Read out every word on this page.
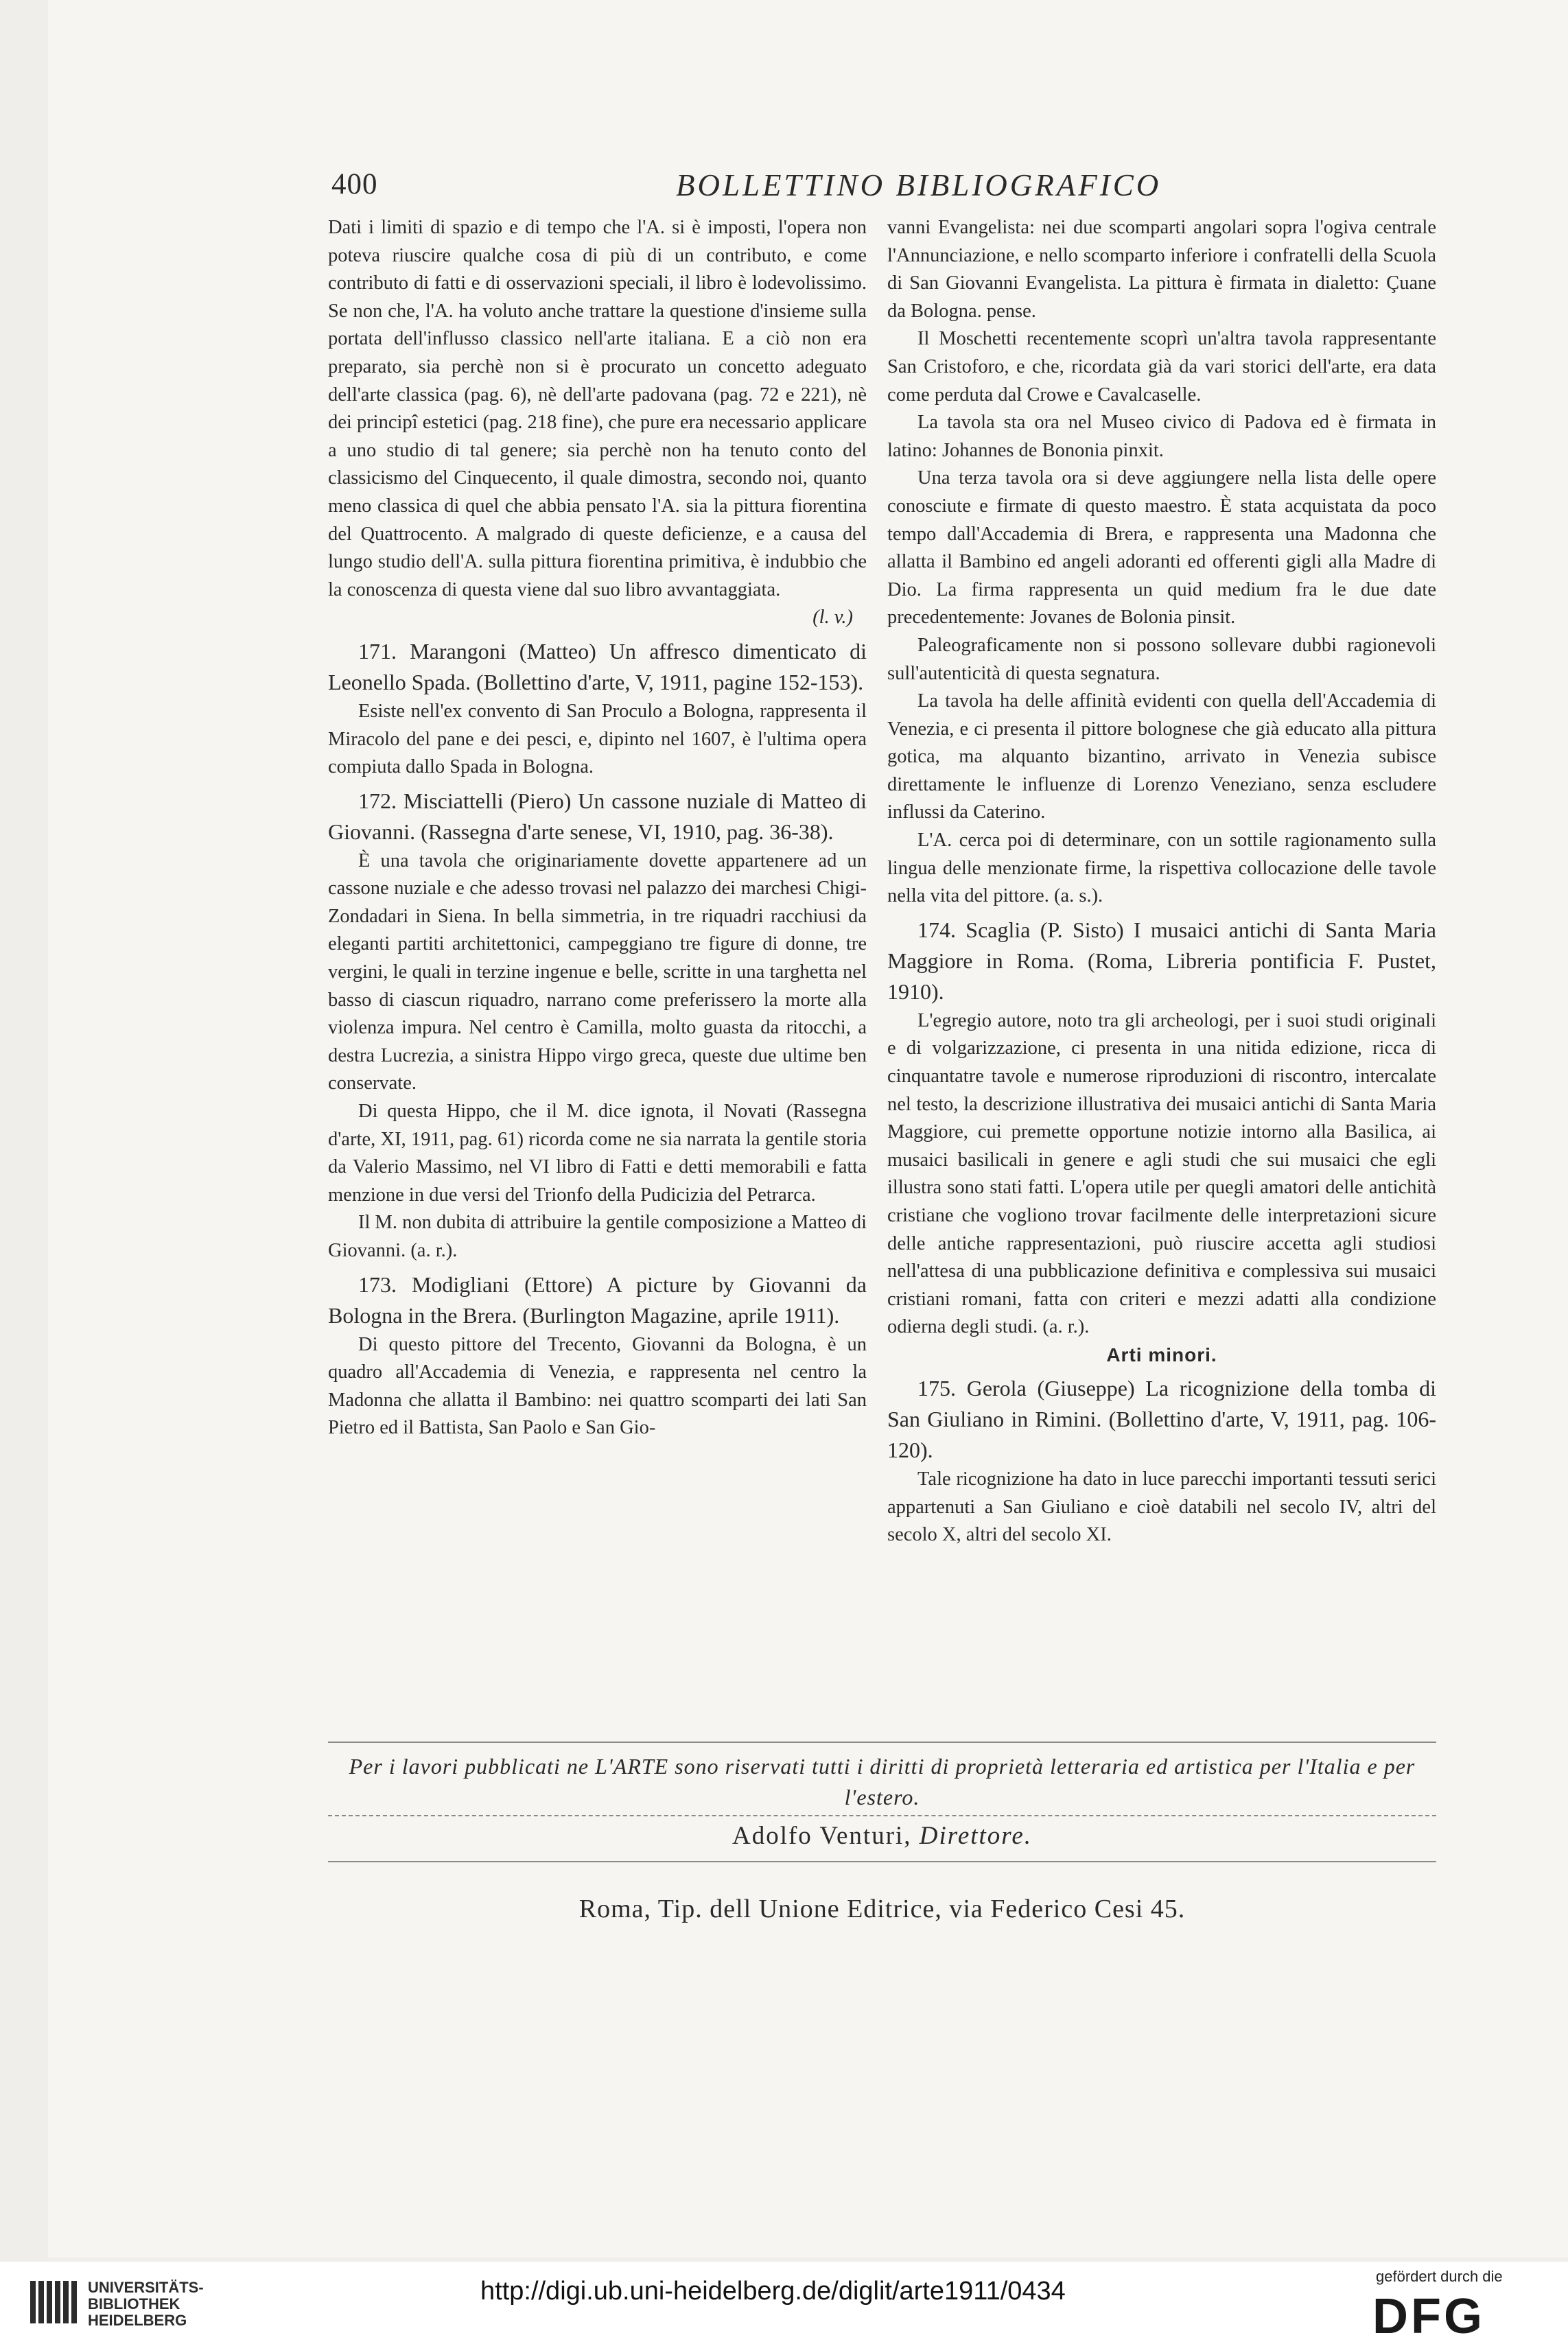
400	BOLLETTINO BIBLIOGRAFICO

Dati i limiti di spazio e di tempo che l'A. si è imposti, l'opera non poteva riuscire qualche cosa di più di un contributo, e come contributo di fatti e di osservazioni speciali, il libro è lodevolissimo. Se non che, l'A. ha voluto anche trattare la questione d'insieme sulla portata dell'influsso classico nell'arte italiana. E a ciò non era preparato, sia perchè non si è procurato un concetto adeguato dell'arte classica (pag. 6), nè dell'arte padovana (pag. 72 e 221), nè dei principî estetici (pag. 218 fine), che pure era necessario applicare a uno studio di tal genere; sia perchè non ha tenuto conto del classicismo del Cinquecento, il quale dimostra, secondo noi, quanto meno classica di quel che abbia pensato l'A. sia la pittura fiorentina del Quattrocento. A malgrado di queste deficienze, e a causa del lungo studio dell'A. sulla pittura fiorentina primitiva, è indubbio che la conoscenza di questa viene dal suo libro avvantaggiata.

(l. v.)

171. Marangoni (Matteo) Un affresco dimenticato di Leonello Spada. (Bollettino d'arte, V, 1911, pagine 152-153).

Esiste nell'ex convento di San Proculo a Bologna, rappresenta il Miracolo del pane e dei pesci, e, dipinto nel 1607, è l'ultima opera compiuta dallo Spada in Bologna.

172. Misciattelli (Piero) Un cassone nuziale di Matteo di Giovanni. (Rassegna d'arte senese, VI, 1910, pag. 36-38).

È una tavola che originariamente dovette appartenere ad un cassone nuziale e che adesso trovasi nel palazzo dei marchesi Chigi-Zondadari in Siena. In bella simmetria, in tre riquadri racchiusi da eleganti partiti architettonici, campeggiano tre figure di donne, tre vergini, le quali in terzine ingenue e belle, scritte in una targhetta nel basso di ciascun riquadro, narrano come preferissero la morte alla violenza impura. Nel centro è Camilla, molto guasta da ritocchi, a destra Lucrezia, a sinistra Hippo virgo greca, queste due ultime ben conservate.

Di questa Hippo, che il M. dice ignota, il Novati (Rassegna d'arte, XI, 1911, pag. 61) ricorda come ne sia narrata la gentile storia da Valerio Massimo, nel VI libro di Fatti e detti memorabili e fatta menzione in due versi del Trionfo della Pudicizia del Petrarca.

Il M. non dubita di attribuire la gentile composizione a Matteo di Giovanni. (a. r.).

173. Modigliani (Ettore) A picture by Giovanni da Bologna in the Brera. (Burlington Magazine, aprile 1911).

Di questo pittore del Trecento, Giovanni da Bologna, è un quadro all'Accademia di Venezia, e rappresenta nel centro la Madonna che allatta il Bambino: nei quattro scomparti dei lati San Pietro ed il Battista, San Paolo e San Gio-

vanni Evangelista: nei due scomparti angolari sopra l'ogiva centrale l'Annunciazione, e nello scomparto inferiore i confratelli della Scuola di San Giovanni Evangelista. La pittura è firmata in dialetto: Çuane da Bologna. pense.

Il Moschetti recentemente scoprì un'altra tavola rappresentante San Cristoforo, e che, ricordata già da vari storici dell'arte, era data come perduta dal Crowe e Cavalcaselle.

La tavola sta ora nel Museo civico di Padova ed è firmata in latino: Johannes de Bononia pinxit.

Una terza tavola ora si deve aggiungere nella lista delle opere conosciute e firmate di questo maestro. È stata acquistata da poco tempo dall'Accademia di Brera, e rappresenta una Madonna che allatta il Bambino ed angeli adoranti ed offerenti gigli alla Madre di Dio. La firma rappresenta un quid medium fra le due date precedentemente: Jovanes de Bolonia pinsit.

Paleograficamente non si possono sollevare dubbi ragionevoli sull'autenticità di questa segnatura.

La tavola ha delle affinità evidenti con quella dell'Accademia di Venezia, e ci presenta il pittore bolognese che già educato alla pittura gotica, ma alquanto bizantino, arrivato in Venezia subisce direttamente le influenze di Lorenzo Veneziano, senza escludere influssi da Caterino.

L'A. cerca poi di determinare, con un sottile ragionamento sulla lingua delle menzionate firme, la rispettiva collocazione delle tavole nella vita del pittore. (a. s.).

174. Scaglia (P. Sisto) I musaici antichi di Santa Maria Maggiore in Roma. (Roma, Libreria pontificia F. Pustet, 1910).

L'egregio autore, noto tra gli archeologi, per i suoi studi originali e di volgarizzazione, ci presenta in una nitida edizione, ricca di cinquantatre tavole e numerose riproduzioni di riscontro, intercalate nel testo, la descrizione illustrativa dei musaici antichi di Santa Maria Maggiore, cui premette opportune notizie intorno alla Basilica, ai musaici basilicali in genere e agli studi che sui musaici che egli illustra sono stati fatti. L'opera utile per quegli amatori delle antichità cristiane che vogliono trovar facilmente delle interpretazioni sicure delle antiche rappresentazioni, può riuscire accetta agli studiosi nell'attesa di una pubblicazione definitiva e complessiva sui musaici cristiani romani, fatta con criteri e mezzi adatti alla condizione odierna degli studi. (a. r.).

Arti minori.

175. Gerola (Giuseppe) La ricognizione della tomba di San Giuliano in Rimini. (Bollettino d'arte, V, 1911, pag. 106-120).

Tale ricognizione ha dato in luce parecchi importanti tessuti serici appartenuti a San Giuliano e cioè databili nel secolo IV, altri del secolo X, altri del secolo XI.

Per i lavori pubblicati ne L'ARTE sono riservati tutti i diritti di proprietà letteraria ed artistica per l'Italia e per l'estero.
Adolfo Venturi, Direttore.
Roma, Tip. dell Unione Editrice, via Federico Cesi 45.
UNIVERSITÄTS-
BIBLIOTHEK
HEIDELBERG
http://digi.ub.uni-heidelberg.de/diglit/arte1911/0434
gefördert durch die
DFG
